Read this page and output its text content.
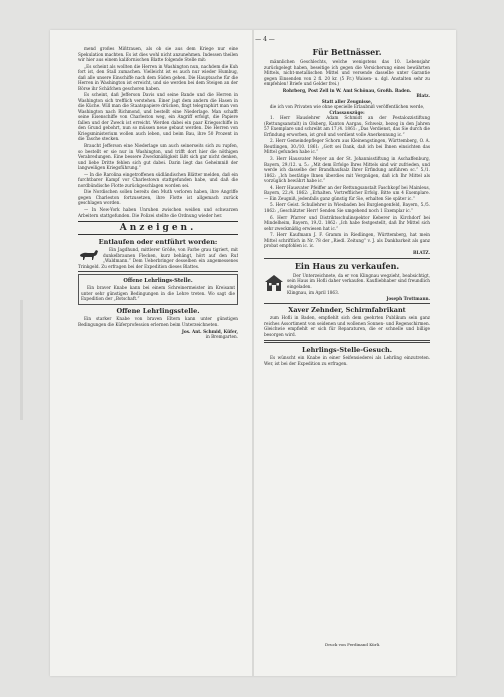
— 4 —

mend großes Mißtrauen, als ob sie aus dem Kriege nur eine Spekulation machten. Es ist dies wohl nicht anzunehmen. Indessen theilen wir hier aus einem kalifornischen Blatte folgende Stelle mit:

„Es scheint als wollten die Herren in Washington nun, nachdem die Kuh fort ist, den Stall zumachen. Vielleicht ist es auch nur wieder Humbug, daß alle unsere Einschiffe nach dem Süden gehen. Die Hauptsache für die Herren in Washington ist erreicht, und sie werden bei dem Steigen an der Börse ihr Schäfchen geschoren haben.

Es scheint, daß Jefferson Davis und seine Bande und die Herren in Washington sich trefflich verstehen. Einer jagt dem andern die Hasen in die Küche. Will man die Staatspapiere drücken, fingt telegraphirt man von Washington nach Richmond, und bestellt eine Niederlage. Man schafft seine Eisenschiffe von Charleston weg, ein Angriff erfolgt, die Papiere fallen und der Zweck ist erreicht. Werden dabei ein paar Kriegsschiffe in den Grund gebohrt, nun so müssen neue gebaut werden. Die Herren von Kriegsministerium wollen auch leben, und beim Bau, ihre 50 Prozent in die Tasche stecken.

Braucht Jefferson eine Niederlage um auch seinerseits sich zu rupfen, so bestellt er sie nur in Washington, und trifft dort hier die nöthigen Verabredungen. Eine bessere Zweckmäßigkeit läßt sich gar nicht denken, und liebe Dritte fehlen sich gut dabei. Darin liegt das Geheimniß der langweiligen Kriegsführung.“

— In die Rarolina eingetroffenen südländischen Blätter melden, daß ein furchtbarer Kampf vor Charlestown stattgefunden habe, und daß die nordbündische Flotte zurückgeschlagen worden sei.

Die Nordischen sollen bereits den Muth verloren haben, ihre Angriffe gegen Charleston fortzusetzen, ihre Flotte ist allgemach zurück geschlagen worden.

— In New-York haben Unruhen zwischen weißen und schwarzen Arbeitern stattgefunden. Die Polizei stellte die Ordnung wieder her.

Anzeigen.
Entlaufen oder entführt worden:

Ein Jagdhund, mittlerer Größe, von Farbe grau tigriert, mit dunkelbraunen Flecken, kurz behängt, hört auf den Ruf „Waldmann.“ Dem Ueberbringer desselben ein angemessenes Trinkgeld. Zu erfragen bei der Expedition dieses Blattes.

Offene Lehrlings-Stelle.

Ein braver Knabe kann bei einem Schreinermeister im Kreisamt unter sehr günstigen Bedingungen in die Lehre treten. Wo sagt die Expedition der „Botschaft.“

Offene Lehrlingsstelle.

Ein starker Knabe von braven Eltern kann unter günstigen Bedingungen die Küferprofession erlernen beim Unterzeichneten.

Jos. Ant. Schmid, Küfer,
in Bremgarten.
Für Bettnässer.

männlichen Geschlechts, welche wenigstens das 10. Lebensjahr zurückgelegt haben, beseitige ich gegen die Versicherung eines bewährten Mittels, nicht-metallischen Mittel und versende dasselbe unter Garantie gegen Einsenden von 2 fl. 20 kr. (5 Fr.) Waisen- u. dgl. Anstalten sehr zu empfehlen! Briefe und Gelder frei.)

Rohrberg, Post Zell in W. Amt Schönau, Großh. Baden.
Blatz.
Statt aller Zeugnisse,
die ich von Privaten wie ohne specielle Erlaubniß veröffentlichen werde,
Crlassauszüge:

1. Herr Hauslehrer Adam Schmidt an der Pestalozzistiftung (Rettungsanstalt) in Olsberg, Kanton Aargau, Schweiz, bezog in den Jahren 57 Exemplare und schreibt am 17./4. 1861: „Das Verdienst, das Sie durch die Erfindung erworben, ist groß und verdient volle Anerkennung ic.“

2. Herr Gemeindepfleger Schorn aus Kleinengstingen, Württemberg, O. A. Reutlingen, 30./10. 1861: „Gott sei Dank, daß ich bei Ihnen einsichten das Mittel gefunden habe ic.“

3. Herr Hausvater Meyer an der St. Johannisstiftung in Aschaffenburg, Bayern, 29./12. u. 5.: „Mit dem Erfolge Ihres Mittels sind wir zufrieden, und werde ich dasselbe der Brandhaufsalz Ihrer Erfindung anführen sc.“ 5./1. 1862: „Ich bestätige Ihnen überdies mit Vergnügen, daß ich Ihr Mittel als vorzüglich bewährt habe ic.“

4. Herr Hausvater Pfeiffer an der Rettungsanstalt Faschkopf bei Mainleus, Bayern, 22./4. 1862: „Erhalten. Vortrefflicher Erfolg. Bitte um 4 Exemplare. — Ein Zeugniß, jedenfalls ganz günstig für Sie, erhalten Sie später ic.“

5. Herr Geist. Schullehrer in Wiesbaden bei Burglengenfeld, Bayern, 5./5. 1862: „Geschätzter Herr! Senden Sie umgehend noch 1 Exemplar ic.“

6. Herr Pfarrer und Distriktsschulinspektor Keberer in Kirchdorf bei Mindelheim, Bayern, 19./2. 1862: „Ich habe festgestellt, daß Ihr Mittel sich sehr zweckmäßig erwiesen hat ic.“

7. Herr Kaufmann J. F. Gramm in Riedlingen, Württemberg, hat mein Mittel schriftlich in Nr. 78 der „Riedl. Zeitung“ v. J. als Dankbarkeit als ganz probat empfohlen ic. ic.

BLATZ.
Ein Haus zu verkaufen.

Der Unterzeichnete, da er von Klingnau wegzieht, beabsichtigt, sein Haus im Hofli daher verkaufen. Kaufliebhaber sind freundlich eingeladen.

Klingnau, im April 1863.
Joseph Trottmann.
Xaver Zehnder, Schirmfabrikant

zum Hofli in Baden, empfiehlt sich dem geehrten Publikum sein ganz reiches Assortiment von seidenen und wollenen Sonnen- und Regenschirmen. Gleichwie empfiehlt er sich für Reparaturen, die er schnelle und billige besorgen wird.

Lehrlings-Stelle-Gesuch.

Es wünscht ein Knabe in einer Seifensiederei als Lehrling einzutreten. Wer, ist bei der Expedition zu erfragen.

Druck von Ferdinand Kürli.
